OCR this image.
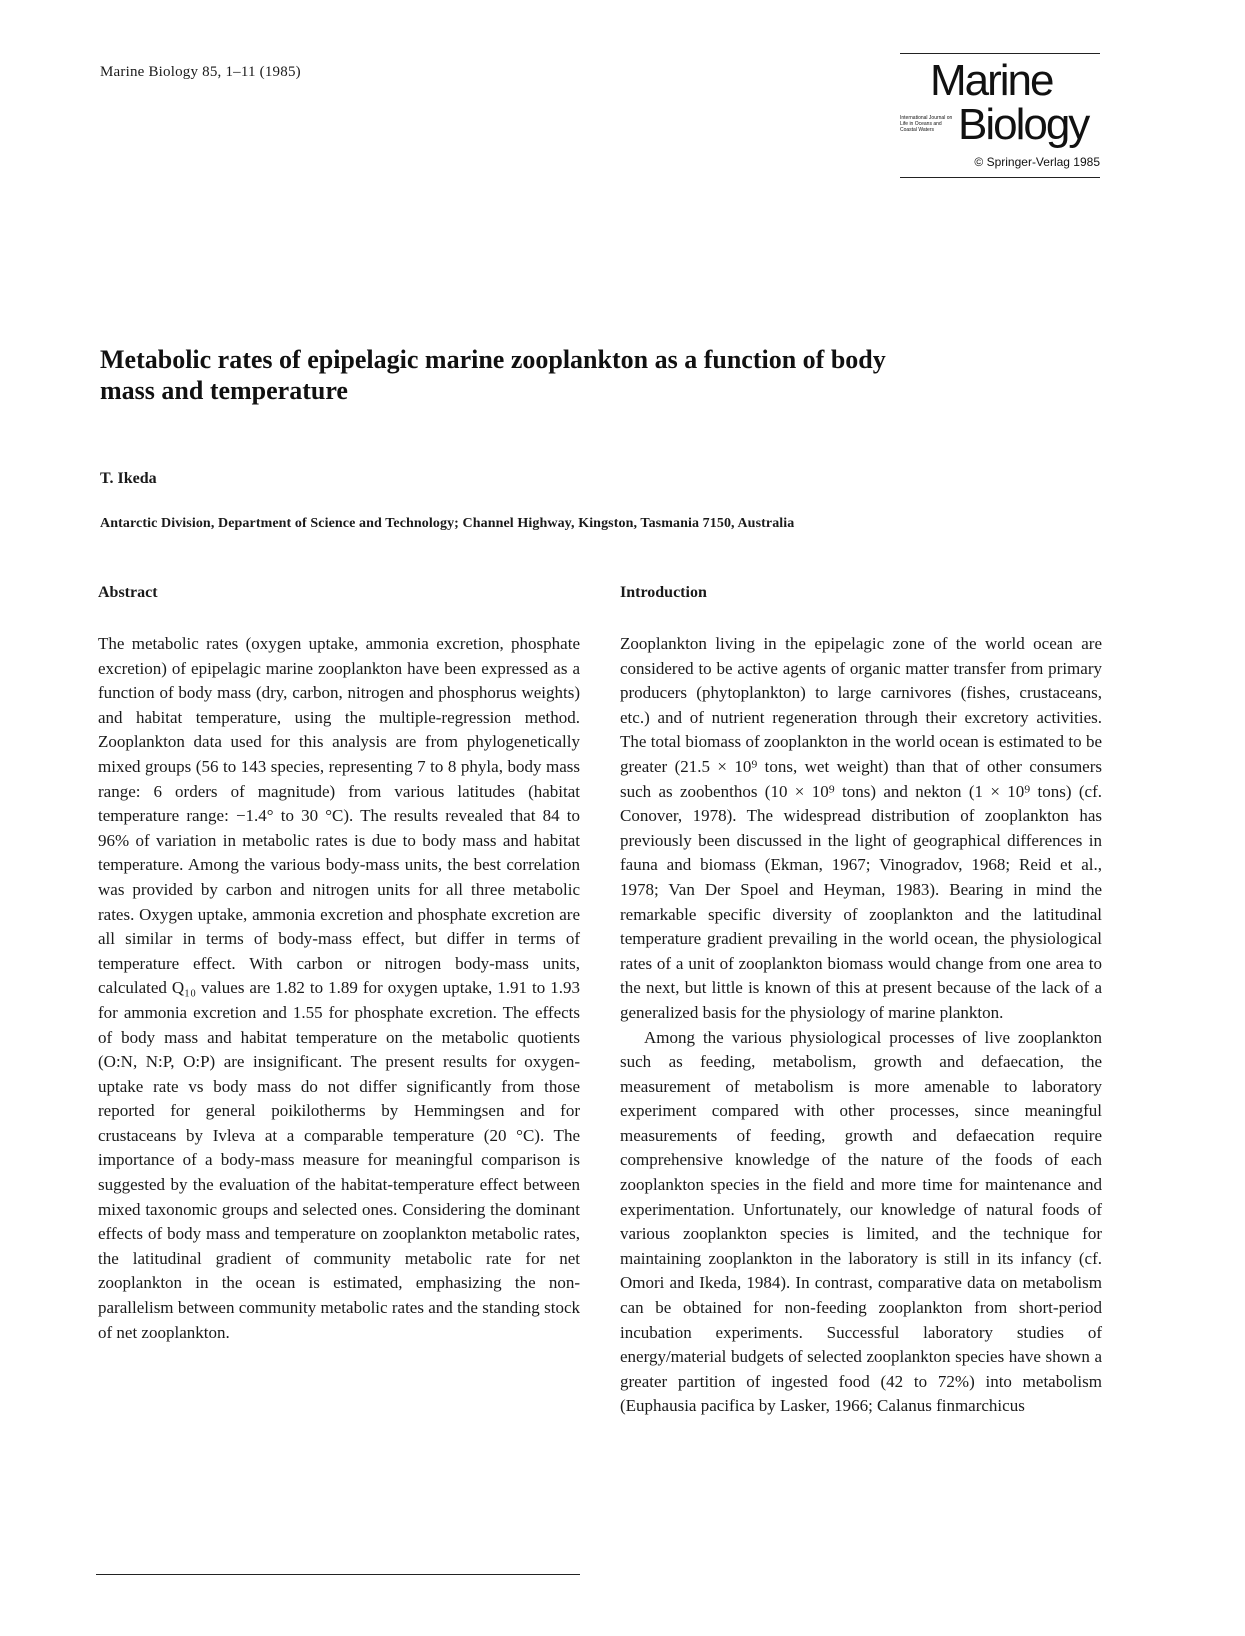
Marine Biology 85, 1–11 (1985)	Marine
International Journal on Life in Oceans and Coastal Waters Biology
© Springer-Verlag 1985
Metabolic rates of epipelagic marine zooplankton as a function of body mass and temperature
T. Ikeda
Antarctic Division, Department of Science and Technology; Channel Highway, Kingston, Tasmania 7150, Australia
Abstract

The metabolic rates (oxygen uptake, ammonia excretion, phosphate excretion) of epipelagic marine zooplankton have been expressed as a function of body mass (dry, carbon, nitrogen and phosphorus weights) and habitat temperature, using the multiple-regression method. Zooplankton data used for this analysis are from phylogenetically mixed groups (56 to 143 species, representing 7 to 8 phyla, body mass range: 6 orders of magnitude) from various latitudes (habitat temperature range: −1.4° to 30 °C). The results revealed that 84 to 96% of variation in metabolic rates is due to body mass and habitat temperature. Among the various body-mass units, the best correlation was provided by carbon and nitrogen units for all three metabolic rates. Oxygen uptake, ammonia excretion and phosphate excretion are all similar in terms of body-mass effect, but differ in terms of temperature effect. With carbon or nitrogen body-mass units, calculated Q₁₀ values are 1.82 to 1.89 for oxygen uptake, 1.91 to 1.93 for ammonia excretion and 1.55 for phosphate excretion. The effects of body mass and habitat temperature on the metabolic quotients (O:N, N:P, O:P) are insignificant. The present results for oxygen-uptake rate vs body mass do not differ significantly from those reported for general poikilotherms by Hemmingsen and for crustaceans by Ivleva at a comparable temperature (20 °C). The importance of a body-mass measure for meaningful comparison is suggested by the evaluation of the habitat-temperature effect between mixed taxonomic groups and selected ones. Considering the dominant effects of body mass and temperature on zooplankton metabolic rates, the latitudinal gradient of community metabolic rate for net zooplankton in the ocean is estimated, emphasizing the non-parallelism between community metabolic rates and the standing stock of net zooplankton.

Introduction

Zooplankton living in the epipelagic zone of the world ocean are considered to be active agents of organic matter transfer from primary producers (phytoplankton) to large carnivores (fishes, crustaceans, etc.) and of nutrient regeneration through their excretory activities. The total biomass of zooplankton in the world ocean is estimated to be greater (21.5 × 10⁹ tons, wet weight) than that of other consumers such as zoobenthos (10 × 10⁹ tons) and nekton (1 × 10⁹ tons) (cf. Conover, 1978). The widespread distribution of zooplankton has previously been discussed in the light of geographical differences in fauna and biomass (Ekman, 1967; Vinogradov, 1968; Reid et al., 1978; Van Der Spoel and Heyman, 1983). Bearing in mind the remarkable specific diversity of zooplankton and the latitudinal temperature gradient prevailing in the world ocean, the physiological rates of a unit of zooplankton biomass would change from one area to the next, but little is known of this at present because of the lack of a generalized basis for the physiology of marine plankton.

Among the various physiological processes of live zooplankton such as feeding, metabolism, growth and defaecation, the measurement of metabolism is more amenable to laboratory experiment compared with other processes, since meaningful measurements of feeding, growth and defaecation require comprehensive knowledge of the nature of the foods of each zooplankton species in the field and more time for maintenance and experimentation. Unfortunately, our knowledge of natural foods of various zooplankton species is limited, and the technique for maintaining zooplankton in the laboratory is still in its infancy (cf. Omori and Ikeda, 1984). In contrast, comparative data on metabolism can be obtained for non-feeding zooplankton from short-period incubation experiments. Successful laboratory studies of energy/material budgets of selected zooplankton species have shown a greater partition of ingested food (42 to 72%) into metabolism (Euphausia pacifica by Lasker, 1966; Calanus finmarchicus
